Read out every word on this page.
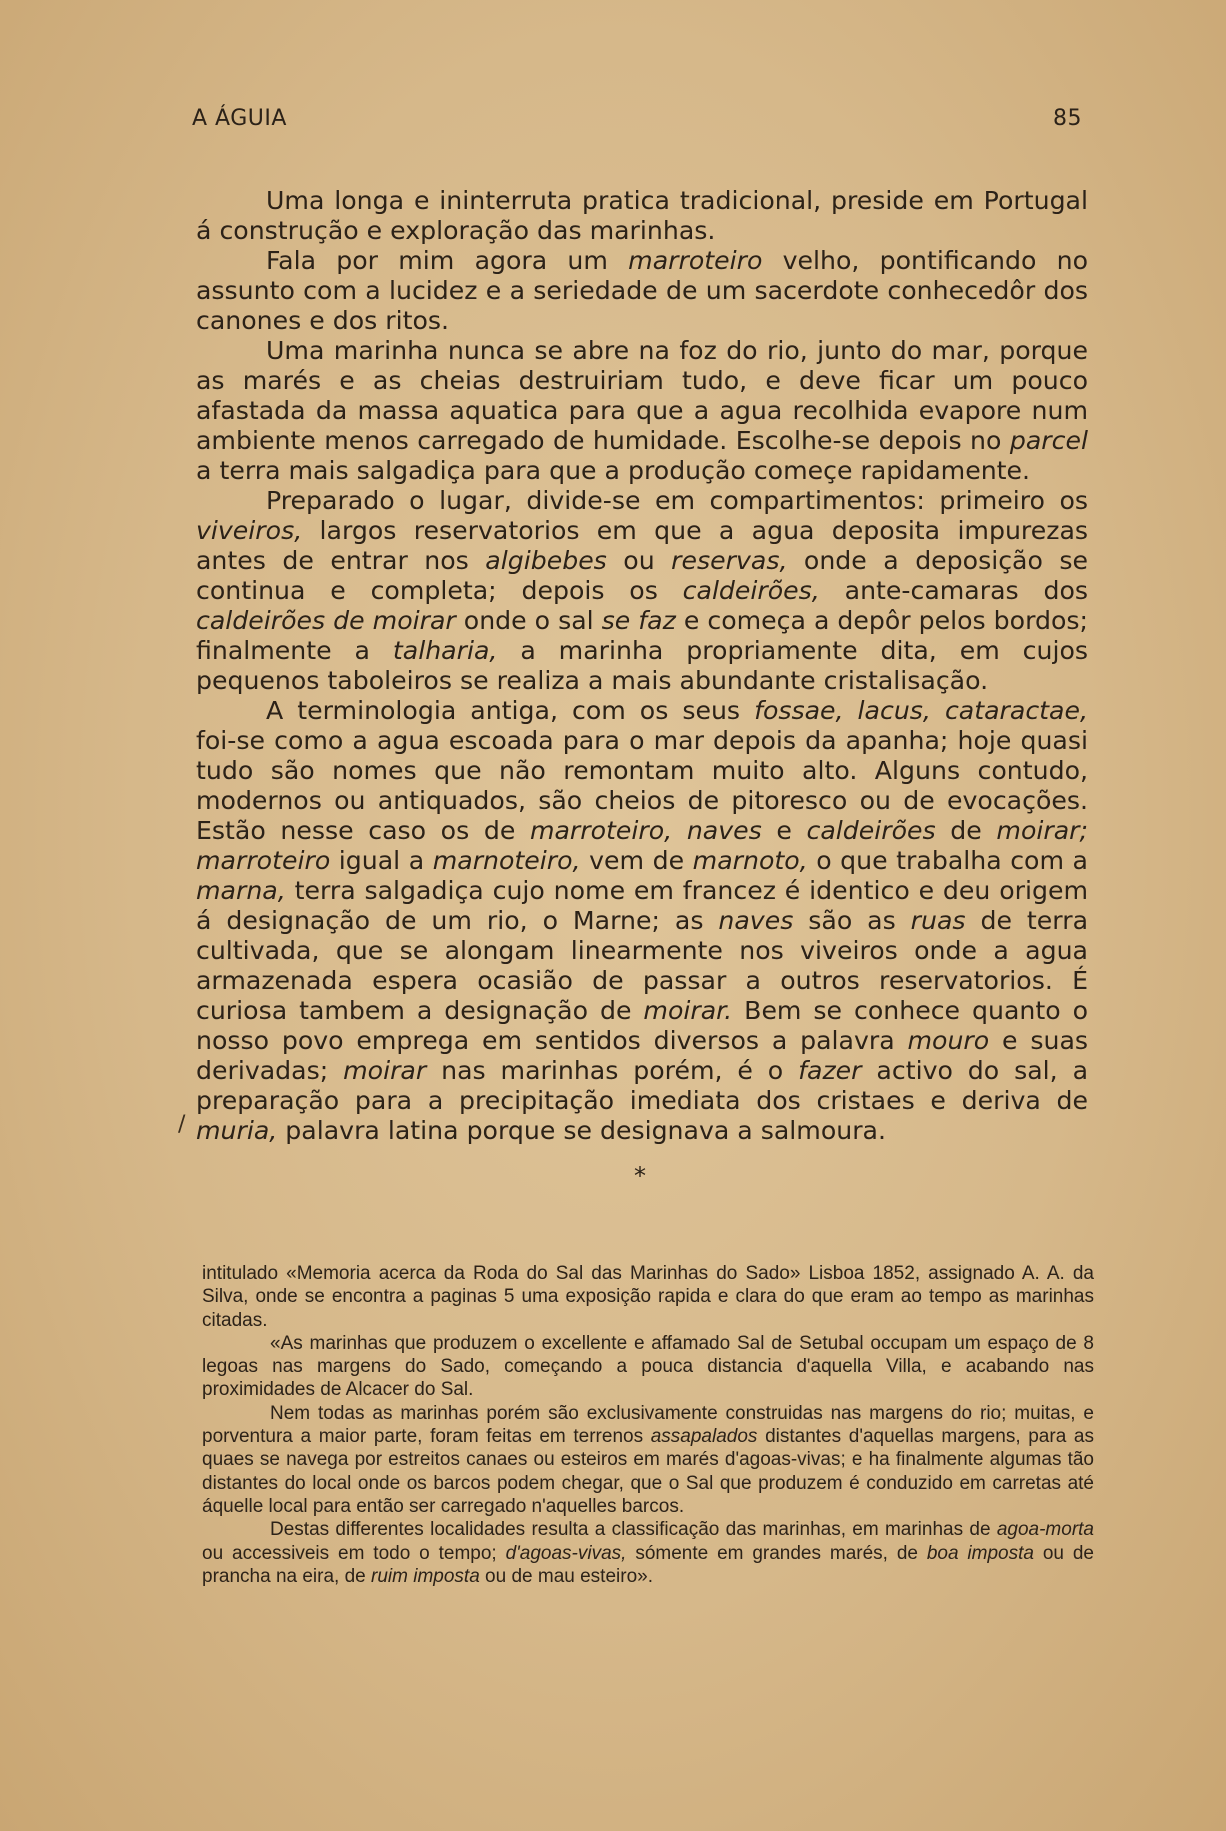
A ÁGUIA	85

Uma longa e ininterruta pratica tradicional, preside em Portugal á construção e exploração das marinhas.

Fala por mim agora um marroteiro velho, pontificando no assunto com a lucidez e a seriedade de um sacerdote conhecedôr dos canones e dos ritos.

Uma marinha nunca se abre na foz do rio, junto do mar, porque as marés e as cheias destruiriam tudo, e deve ficar um pouco afastada da massa aquatica para que a agua recolhida evapore num ambiente menos carregado de humidade. Escolhe-se depois no parcel a terra mais salgadiça para que a produção começe rapidamente.

Preparado o lugar, divide-se em compartimentos: primeiro os viveiros, largos reservatorios em que a agua deposita impurezas antes de entrar nos algibebes ou reservas, onde a deposição se continua e completa; depois os caldeirões, ante-camaras dos caldeirões de moirar onde o sal se faz e começa a depôr pelos bordos; finalmente a talharia, a marinha propriamente dita, em cujos pequenos taboleiros se realiza a mais abundante cristalisação.

A terminologia antiga, com os seus fossae, lacus, cataractae, foi-se como a agua escoada para o mar depois da apanha; hoje quasi tudo são nomes que não remontam muito alto. Alguns contudo, modernos ou antiquados, são cheios de pitoresco ou de evocações. Estão nesse caso os de marroteiro, naves e caldeirões de moirar; marroteiro igual a marnoteiro, vem de marnoto, o que trabalha com a marna, terra salgadiça cujo nome em francez é identico e deu origem á designação de um rio, o Marne; as naves são as ruas de terra cultivada, que se alongam linearmente nos viveiros onde a agua armazenada espera ocasião de passar a outros reservatorios. É curiosa tambem a designação de moirar. Bem se conhece quanto o nosso povo emprega em sentidos diversos a palavra mouro e suas derivadas; moirar nas marinhas porém, é o fazer activo do sal, a preparação para a precipitação imediata dos cristaes e deriva de muria, palavra latina porque se designava a salmoura.

/
*

intitulado «Memoria acerca da Roda do Sal das Marinhas do Sado» Lisboa 1852, assignado A. A. da Silva, onde se encontra a paginas 5 uma exposição rapida e clara do que eram ao tempo as marinhas citadas.

«As marinhas que produzem o excellente e affamado Sal de Setubal occupam um espaço de 8 legoas nas margens do Sado, começando a pouca distancia d'aquella Villa, e acabando nas proximidades de Alcacer do Sal.

Nem todas as marinhas porém são exclusivamente construidas nas margens do rio; muitas, e porventura a maior parte, foram feitas em terrenos assapalados distantes d'aquellas margens, para as quaes se navega por estreitos canaes ou esteiros em marés d'agoas-vivas; e ha finalmente algumas tão distantes do local onde os barcos podem chegar, que o Sal que produzem é conduzido em carretas até áquelle local para então ser carregado n'aquelles barcos.

Destas differentes localidades resulta a classificação das marinhas, em marinhas de agoa-morta ou accessiveis em todo o tempo; d'agoas-vivas, sómente em grandes marés, de boa imposta ou de prancha na eira, de ruim imposta ou de mau esteiro».
